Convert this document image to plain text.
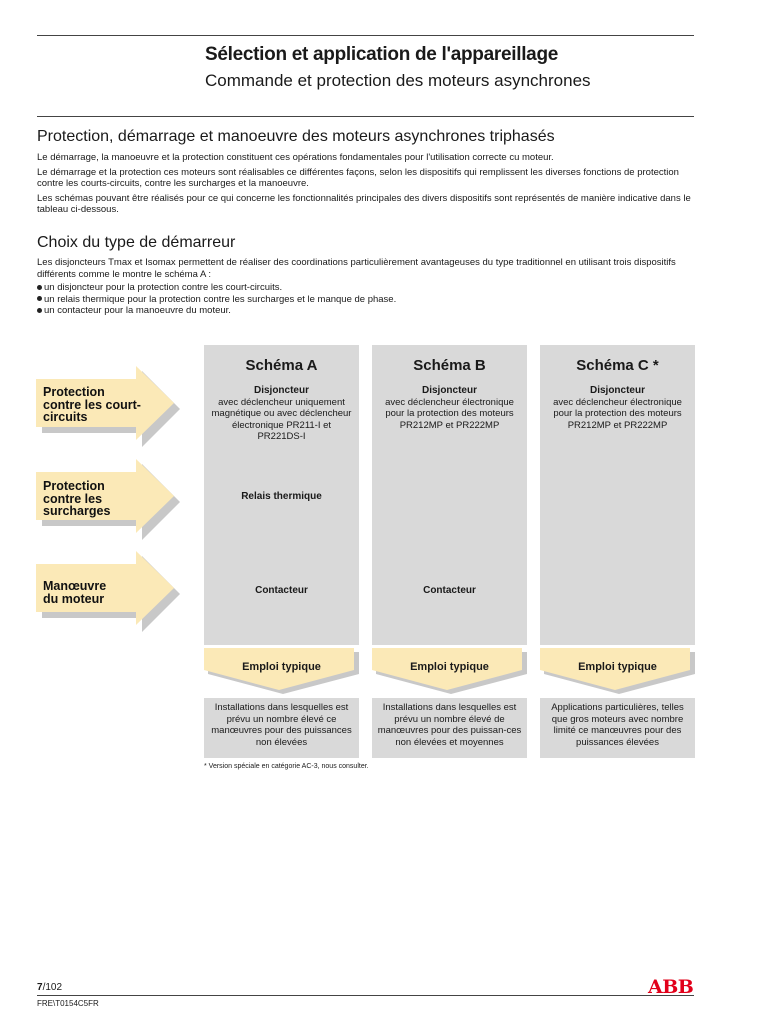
Sélection et application de l'appareillage
Commande et protection des moteurs asynchrones
Protection, démarrage et manoeuvre des moteurs asynchrones triphasés

Le démarrage, la manoeuvre et la protection constituent ces opérations fondamentales pour l'utilisation correcte cu moteur.

Le démarrage et la protection ces moteurs sont réalisables ce différentes façons, selon les dispositifs qui remplissent les diverses fonctions de protection contre les courts-circuits, contre les surcharges et la manoeuvre.

Les schémas pouvant être réalisés pour ce qui concerne les fonctionnalités principales des divers dispositifs sont représentés de manière indicative dans le tableau ci-dessous.

Choix du type de démarreur
Les disjoncteurs Tmax et Isomax permettent de réaliser des coordinations particulièrement avantageuses du type traditionnel en utilisant trois dispositifs différents comme le montre le schéma A :
un disjoncteur pour la protection contre les court-circuits.
un relais thermique pour la protection contre les surcharges et le manque de phase.
un contacteur pour la manoeuvre du moteur.
Protection
contre les court-
circuits
Protection
contre les
surcharges
Manœuvre
du moteur
Schéma A
Disjoncteur
avec déclencheur uniquement magnétique ou avec déclencheur électronique PR211-I et PR221DS-I
Relais thermique
Contacteur
Schéma B
Disjoncteur
avec déclencheur électronique pour la protection des moteurs PR212MP et PR222MP
Contacteur
Schéma C *
Disjoncteur
avec déclencheur électronique pour la protection des moteurs PR212MP et PR222MP
Emploi typique	Emploi typique	Emploi typique
Installations dans lesquelles est prévu un nombre élevé ce manœuvres pour des puissances non élevées
Installations dans lesquelles est prévu un nombre élevé de manœuvres pour des puissan-ces non élevées et moyennes
Applications particulières, telles que gros moteurs avec nombre limité ce manœuvres pour des puissances élevées
* Version spéciale en catégorie AC-3, nous consulter.
7/102
FRE\T0154C5FR
ABB
